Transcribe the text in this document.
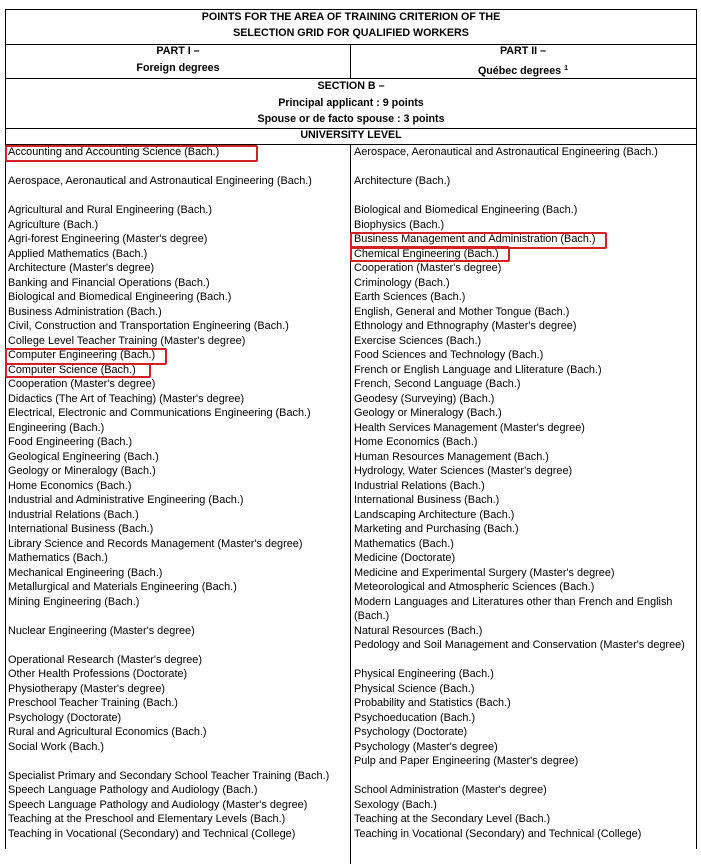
POINTS FOR THE AREA OF TRAINING CRITERION OF THE
SELECTION GRID FOR QUALIFIED WORKERS
PART I –
Foreign degrees
PART II –
Québec degrees $^1$
SECTION B –
Principal applicant : 9 points
Spouse or de facto spouse : 3 points
UNIVERSITY LEVEL
Accounting and Accounting Science (Bach.)
Aerospace, Aeronautical and Astronautical Engineering (Bach.)
Agricultural and Rural Engineering (Bach.)
Agriculture (Bach.)
Agri-forest Engineering (Master's degree)
Applied Mathematics (Bach.)
Architecture (Master's degree)
Banking and Financial Operations (Bach.)
Biological and Biomedical Engineering (Bach.)
Business Administration (Bach.)
Civil, Construction and Transportation Engineering (Bach.)
College Level Teacher Training (Master's degree)
Computer Engineering (Bach.)
Computer Science (Bach.)
Cooperation (Master's degree)
Didactics (The Art of Teaching) (Master's degree)
Electrical, Electronic and Communications Engineering (Bach.)
Engineering (Bach.)
Food Engineering (Bach.)
Geological Engineering (Bach.)
Geology or Mineralogy (Bach.)
Home Economics (Bach.)
Industrial and Administrative Engineering (Bach.)
Industrial Relations (Bach.)
International Business (Bach.)
Library Science and Records Management (Master's degree)
Mathematics (Bach.)
Mechanical Engineering (Bach.)
Metallurgical and Materials Engineering (Bach.)
Mining Engineering (Bach.)
Nuclear Engineering (Master's degree)
Operational Research (Master's degree)
Other Health Professions (Doctorate)
Physiotherapy (Master's degree)
Preschool Teacher Training (Bach.)
Psychology (Doctorate)
Rural and Agricultural Economics (Bach.)
Social Work (Bach.)
Specialist Primary and Secondary School Teacher Training (Bach.)
Speech Language Pathology and Audiology (Bach.)
Speech Language Pathology and Audiology (Master's degree)
Teaching at the Preschool and Elementary Levels (Bach.)
Teaching in Vocational (Secondary) and Technical (College)
Aerospace, Aeronautical and Astronautical Engineering (Bach.)
Architecture (Bach.)
Biological and Biomedical Engineering (Bach.)
Biophysics (Bach.)
Business Management and Administration (Bach.)
Chemical Engineering (Bach.)
Cooperation (Master's degree)
Criminology (Bach.)
Earth Sciences (Bach.)
English, General and Mother Tongue (Bach.)
Ethnology and Ethnography (Master's degree)
Exercise Sciences (Bach.)
Food Sciences and Technology (Bach.)
French or English Language and Lliterature (Bach.)
French, Second Language (Bach.)
Geodesy (Surveying) (Bach.)
Geology or Mineralogy (Bach.)
Health Services Management (Master's degree)
Home Economics (Bach.)
Human Resources Management (Bach.)
Hydrology, Water Sciences (Master's degree)
Industrial Relations (Bach.)
International Business (Bach.)
Landscaping Architecture (Bach.)
Marketing and Purchasing (Bach.)
Mathematics (Bach.)
Medicine (Doctorate)
Medicine and Experimental Surgery (Master's degree)
Meteorological and Atmospheric Sciences (Bach.)
Modern Languages and Literatures other than French and English
(Bach.)
Natural Resources (Bach.)
Pedology and Soil Management and Conservation (Master's degree)
Physical Engineering (Bach.)
Physical Science (Bach.)
Probability and Statistics (Bach.)
Psychoeducation (Bach.)
Psychology (Doctorate)
Psychology (Master's degree)
Pulp and Paper Engineering (Master's degree)
School Administration (Master's degree)
Sexology (Bach.)
Teaching at the Secondary Level (Bach.)
Teaching in Vocational (Secondary) and Technical (College)
